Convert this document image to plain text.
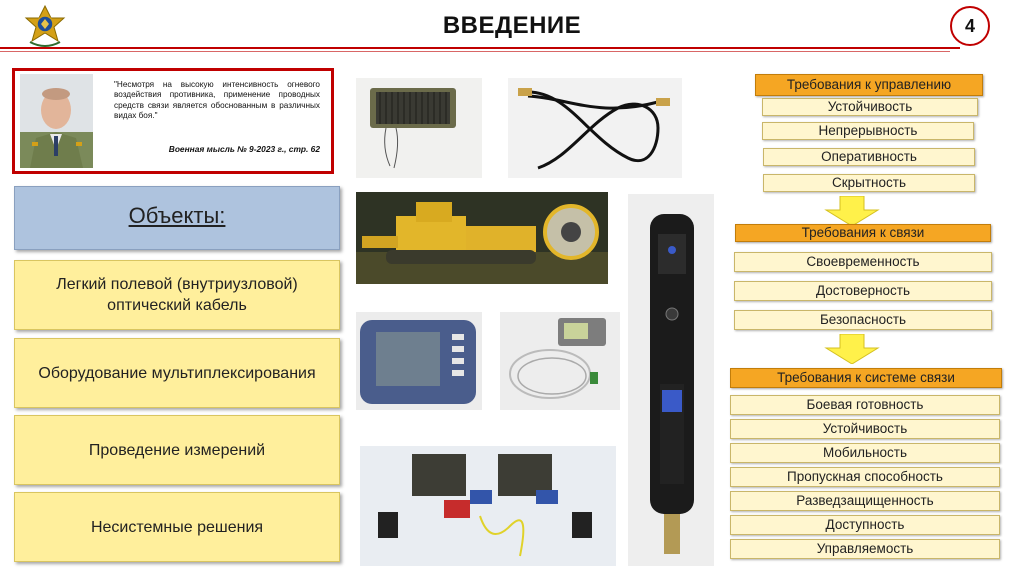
ВВЕДЕНИЕ	4
"Несмотря на высокую интенсивность огневого воздействия противника, применение проводных средств связи является обоснованным в различных видах боя."
Военная мысль № 9-2023 г., стр. 62
Объекты:
Легкий полевой (внутриузловой) оптический кабель
Оборудование мультиплексирования
Проведение измерений
Несистемные решения
Требования к управлению
Устойчивость
Непрерывность
Оперативность
Скрытность
Требования к связи
Своевременность
Достоверность
Безопасность
Требования к системе связи
Боевая готовность
Устойчивость
Мобильность
Пропускная способность
Разведзащищенность
Доступность
Управляемость
